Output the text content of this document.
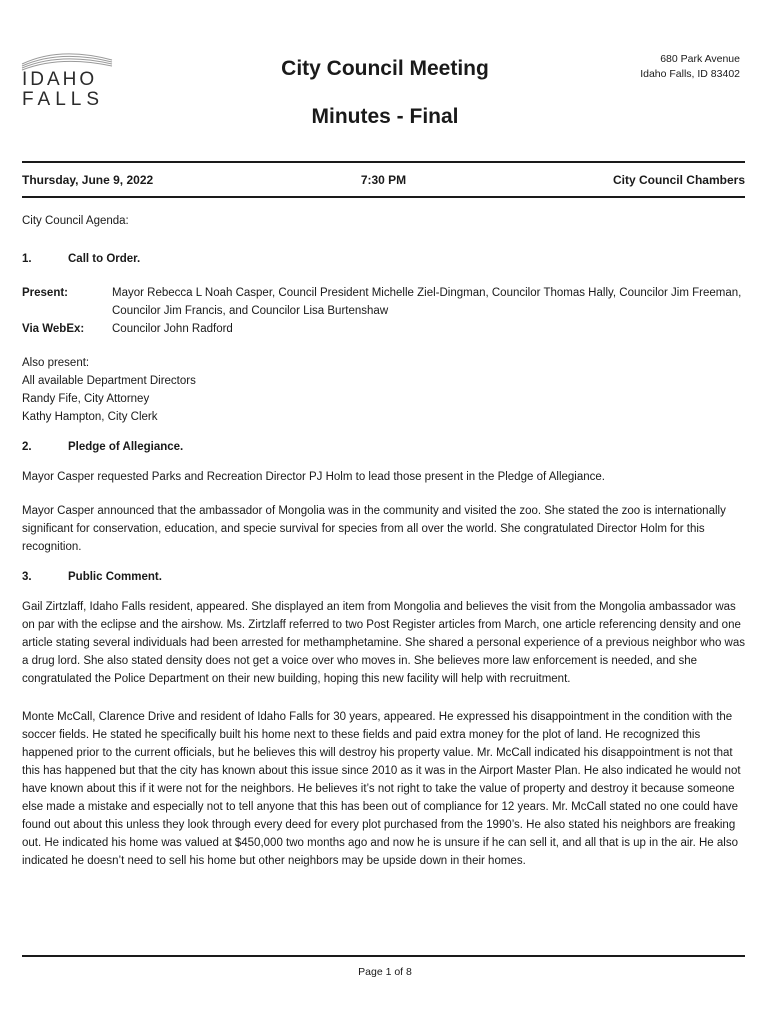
IDAHO
FALLS
City Council Meeting
Minutes - Final
680 Park Avenue
Idaho Falls, ID 83402
Thursday, June 9, 2022	7:30 PM	City Council Chambers

City Council Agenda:

1.	Call to Order.
Present:	Mayor Rebecca L Noah Casper, Council President Michelle Ziel-Dingman, Councilor Thomas Hally, Councilor Jim Freeman, Councilor Jim Francis, and Councilor Lisa Burtenshaw
Via WebEx:	Councilor John Radford
Also present:
All available Department Directors
Randy Fife, City Attorney
Kathy Hampton, City Clerk
2.	Pledge of Allegiance.

Mayor Casper requested Parks and Recreation Director PJ Holm to lead those present in the Pledge of Allegiance.

Mayor Casper announced that the ambassador of Mongolia was in the community and visited the zoo. She stated the zoo is internationally significant for conservation, education, and specie survival for species from all over the world. She congratulated Director Holm for this recognition.

3.	Public Comment.

Gail Zirtzlaff, Idaho Falls resident, appeared. She displayed an item from Mongolia and believes the visit from the Mongolia ambassador was on par with the eclipse and the airshow. Ms. Zirtzlaff referred to two Post Register articles from March, one article referencing density and one article stating several individuals had been arrested for methamphetamine. She shared a personal experience of a previous neighbor who was a drug lord. She also stated density does not get a voice over who moves in. She believes more law enforcement is needed, and she congratulated the Police Department on their new building, hoping this new facility will help with recruitment.

Monte McCall, Clarence Drive and resident of Idaho Falls for 30 years, appeared. He expressed his disappointment in the condition with the soccer fields. He stated he specifically built his home next to these fields and paid extra money for the plot of land. He recognized this happened prior to the current officials, but he believes this will destroy his property value. Mr. McCall indicated his disappointment is not that this has happened but that the city has known about this issue since 2010 as it was in the Airport Master Plan. He also indicated he would not have known about this if it were not for the neighbors. He believes it’s not right to take the value of property and destroy it because someone else made a mistake and especially not to tell anyone that this has been out of compliance for 12 years. Mr. McCall stated no one could have found out about this unless they look through every deed for every plot purchased from the 1990’s. He also stated his neighbors are freaking out. He indicated his home was valued at $450,000 two months ago and now he is unsure if he can sell it, and all that is up in the air. He also indicated he doesn’t need to sell his home but other neighbors may be upside down in their homes.

Page 1 of 8
